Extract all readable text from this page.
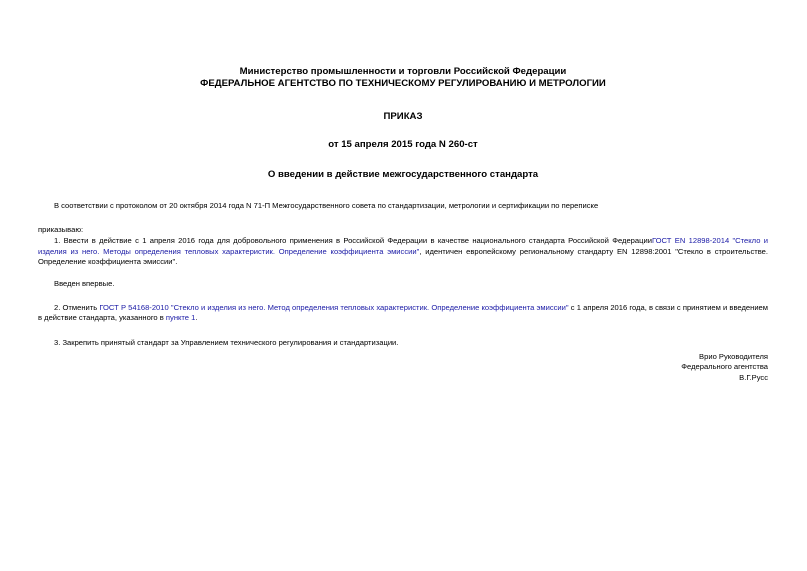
Министерство промышленности и торговли Российской Федерации
ФЕДЕРАЛЬНОЕ АГЕНТСТВО ПО ТЕХНИЧЕСКОМУ РЕГУЛИРОВАНИЮ И МЕТРОЛОГИИ
ПРИКАЗ
от 15 апреля 2015 года N 260-ст
О введении в действие межгосударственного стандарта

В соответствии с протоколом от 20 октября 2014 года N 71-П Межгосударственного совета по стандартизации, метрологии и сертификации по переписке

приказываю:

1. Ввести в действие с 1 апреля 2016 года для добровольного применения в Российской Федерации в качестве национального стандарта Российской ФедерацииГОСТ EN 12898-2014 "Стекло и изделия из него. Методы определения тепловых характеристик. Определение коэффициента эмиссии", идентичен европейскому региональному стандарту EN 12898:2001 "Стекло в строительстве. Определение коэффициента эмиссии".

Введен впервые.

2. Отменить ГОСТ Р 54168-2010 "Стекло и изделия из него. Метод определения тепловых характеристик. Определение коэффициента эмиссии" с 1 апреля 2016 года, в связи с принятием и введением в действие стандарта, указанного в пункте 1.

3. Закрепить принятый стандарт за Управлением технического регулирования и стандартизации.

Врио Руководителя
Федерального агентства
В.Г.Русс
